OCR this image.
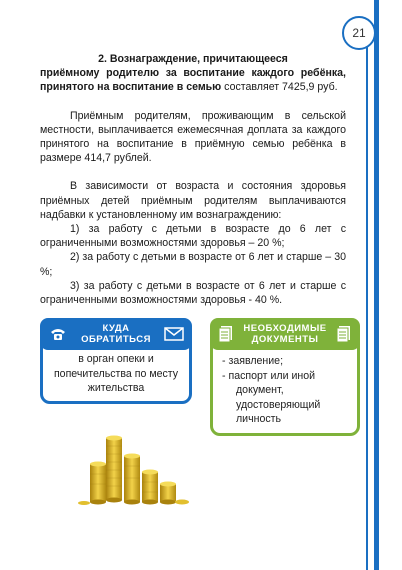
21

2. Вознаграждение, причитающееся

приёмному родителю за воспитание каждого ребёнка, принятого на воспитание в семью составляет 7425,9 руб.

Приёмным родителям, проживающим в сельской местности, выплачивается ежемесячная доплата за каждого принятого на воспитание в приёмную семью ребёнка в размере 414,7 рублей.

В зависимости от возраста и состояния здоровья приёмных детей приёмным родителям выплачиваются надбавки к установленному им вознаграждению:

1) за работу с детьми в возрасте до 6 лет с ограниченными возможностями здоровья – 20 %;

2) за работу с детьми в возрасте от 6 лет и старше – 30 %;

3) за работу с детьми в возрасте от 6 лет и старше с ограниченными возможностями здоровья - 40 %.

КУДА
ОБРАТИТЬСЯ
в орган опеки и попечительства по месту жительства
НЕОБХОДИМЫЕ
ДОКУМЕНТЫ
- заявление;
- паспорт или иной
документ, удостоверяющий личность
